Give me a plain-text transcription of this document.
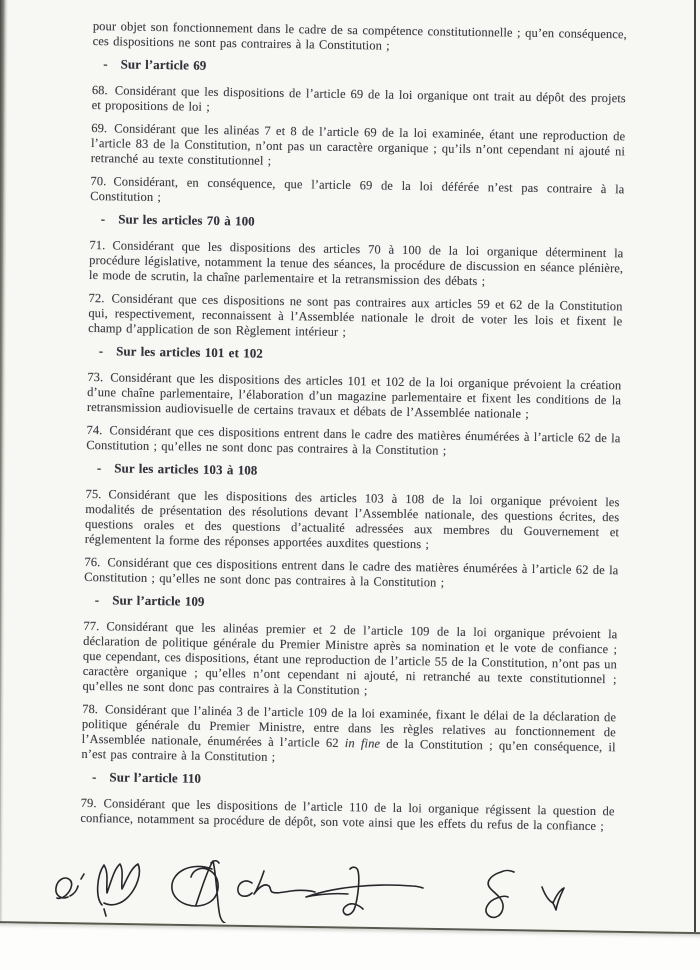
pour objet son fonctionnement dans le cadre de sa compétence constitutionnelle ; qu’en conséquence, ces dispositions ne sont pas contraires à la Constitution ;

- Sur l’article 69

68. Considérant que les dispositions de l’article 69 de la loi organique ont trait au dépôt des projets et propositions de loi ;

69. Considérant que les alinéas 7 et 8 de l’article 69 de la loi examinée, étant une reproduction de l’article 83 de la Constitution, n’ont pas un caractère organique ; qu’ils n’ont cependant ni ajouté ni retranché au texte constitutionnel ;

70. Considérant, en conséquence, que l’article 69 de la loi déférée n’est pas contraire à la Constitution ;

- Sur les articles 70 à 100

71. Considérant que les dispositions des articles 70 à 100 de la loi organique déterminent la procédure législative, notamment la tenue des séances, la procédure de discussion en séance plénière, le mode de scrutin, la chaîne parlementaire et la retransmission des débats ;

72. Considérant que ces dispositions ne sont pas contraires aux articles 59 et 62 de la Constitution qui, respectivement, reconnaissent à l’Assemblée nationale le droit de voter les lois et fixent le champ d’application de son Règlement intérieur ;

- Sur les articles 101 et 102

73. Considérant que les dispositions des articles 101 et 102 de la loi organique prévoient la création d’une chaîne parlementaire, l’élaboration d’un magazine parlementaire et fixent les conditions de la retransmission audiovisuelle de certains travaux et débats de l’Assemblée nationale ;

74. Considérant que ces dispositions entrent dans le cadre des matières énumérées à l’article 62 de la Constitution ; qu’elles ne sont donc pas contraires à la Constitution ;

- Sur les articles 103 à 108

75. Considérant que les dispositions des articles 103 à 108 de la loi organique prévoient les modalités de présentation des résolutions devant l’Assemblée nationale, des questions écrites, des questions orales et des questions d’actualité adressées aux membres du Gouvernement et réglementent la forme des réponses apportées auxdites questions ;

76. Considérant que ces dispositions entrent dans le cadre des matières énumérées à l’article 62 de la Constitution ; qu’elles ne sont donc pas contraires à la Constitution ;

- Sur l’article 109

77. Considérant que les alinéas premier et 2 de l’article 109 de la loi organique prévoient la déclaration de politique générale du Premier Ministre après sa nomination et le vote de confiance ; que cependant, ces dispositions, étant une reproduction de l’article 55 de la Constitution, n’ont pas un caractère organique ; qu’elles n’ont cependant ni ajouté, ni retranché au texte constitutionnel ; qu’elles ne sont donc pas contraires à la Constitution ;

78. Considérant que l’alinéa 3 de l’article 109 de la loi examinée, fixant le délai de la déclaration de politique générale du Premier Ministre, entre dans les règles relatives au fonctionnement de l’Assemblée nationale, énumérées à l’article 62 in fine de la Constitution ; qu’en conséquence, il n’est pas contraire à la Constitution ;

- Sur l’article 110

79. Considérant que les dispositions de l’article 110 de la loi organique régissent la question de confiance, notamment sa procédure de dépôt, son vote ainsi que les effets du refus de la confiance ;
